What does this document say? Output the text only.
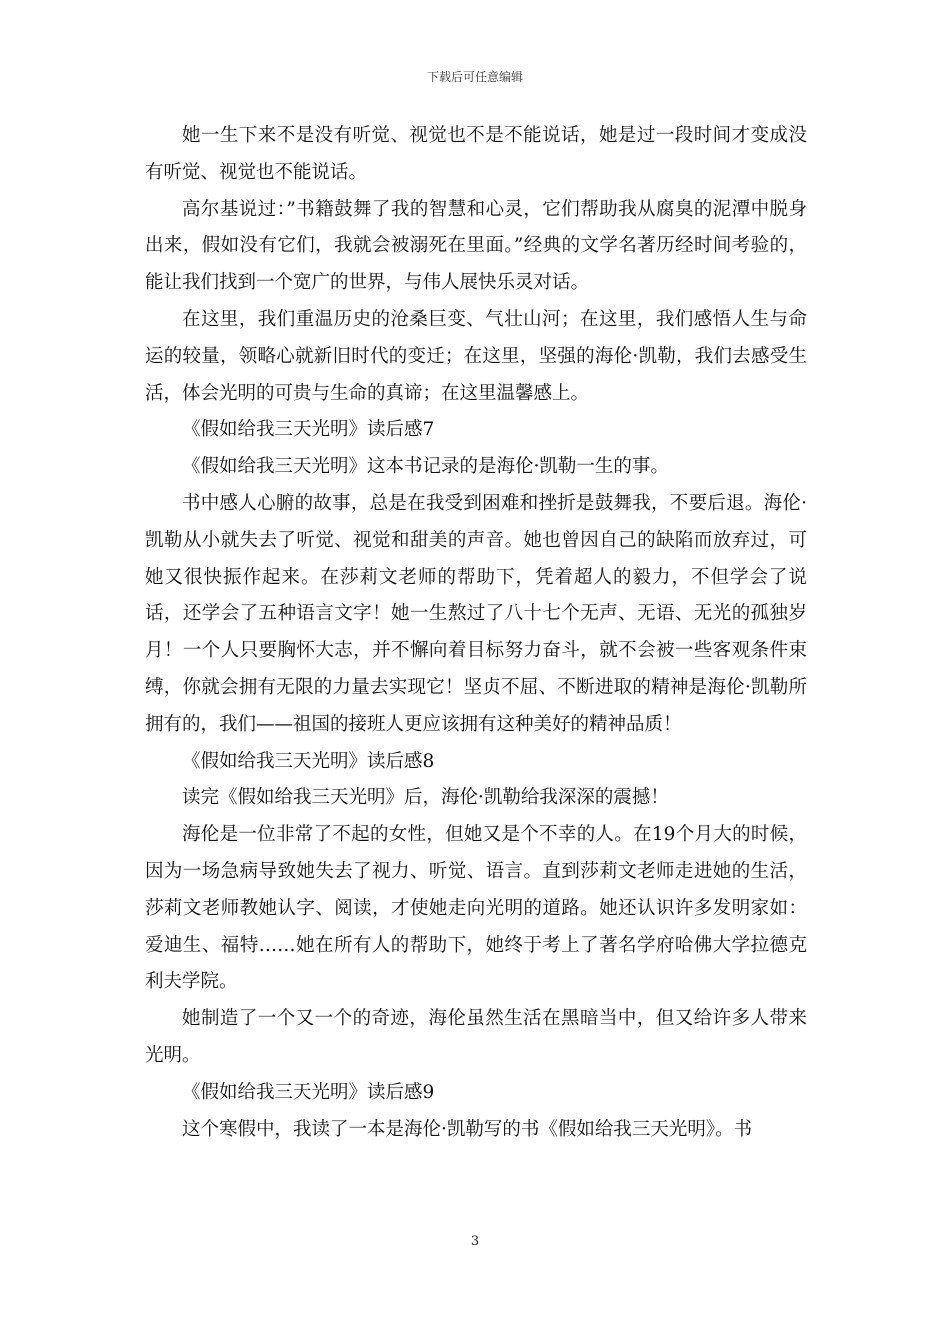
下载后可任意编辑

她一生下来不是没有听觉、视觉也不是不能说话，她是过一段时间才变成没有听觉、视觉也不能说话。

高尔基说过：”书籍鼓舞了我的智慧和心灵，它们帮助我从腐臭的泥潭中脱身出来，假如没有它们，我就会被溺死在里面。”经典的文学名著历经时间考验的，能让我们找到一个宽广的世界，与伟人展快乐灵对话。

在这里，我们重温历史的沧桑巨变、气壮山河；在这里，我们感悟人生与命运的较量，领略心就新旧时代的变迁；在这里，坚强的海伦·凯勒，我们去感受生活，体会光明的可贵与生命的真谛；在这里温馨感上。

《假如给我三天光明》读后感7

《假如给我三天光明》这本书记录的是海伦·凯勒一生的事。

书中感人心腑的故事，总是在我受到困难和挫折是鼓舞我，不要后退。海伦·凯勒从小就失去了听觉、视觉和甜美的声音。她也曾因自己的缺陷而放弃过，可她又很快振作起来。在莎莉文老师的帮助下，凭着超人的毅力，不但学会了说话，还学会了五种语言文字！她一生熬过了八十七个无声、无语、无光的孤独岁月！一个人只要胸怀大志，并不懈向着目标努力奋斗，就不会被一些客观条件束缚，你就会拥有无限的力量去实现它！坚贞不屈、不断进取的精神是海伦·凯勒所拥有的，我们——祖国的接班人更应该拥有这种美好的精神品质！

《假如给我三天光明》读后感8

读完《假如给我三天光明》后，海伦·凯勒给我深深的震撼！

海伦是一位非常了不起的女性，但她又是个不幸的人。在19个月大的时候，因为一场急病导致她失去了视力、听觉、语言。直到莎莉文老师走进她的生活，莎莉文老师教她认字、阅读，才使她走向光明的道路。她还认识许多发明家如：爱迪生、福特……她在所有人的帮助下，她终于考上了著名学府哈佛大学拉德克利夫学院。

她制造了一个又一个的奇迹，海伦虽然生活在黑暗当中，但又给许多人带来光明。

《假如给我三天光明》读后感9

这个寒假中，我读了一本是海伦·凯勒写的书《假如给我三天光明》。书

3
